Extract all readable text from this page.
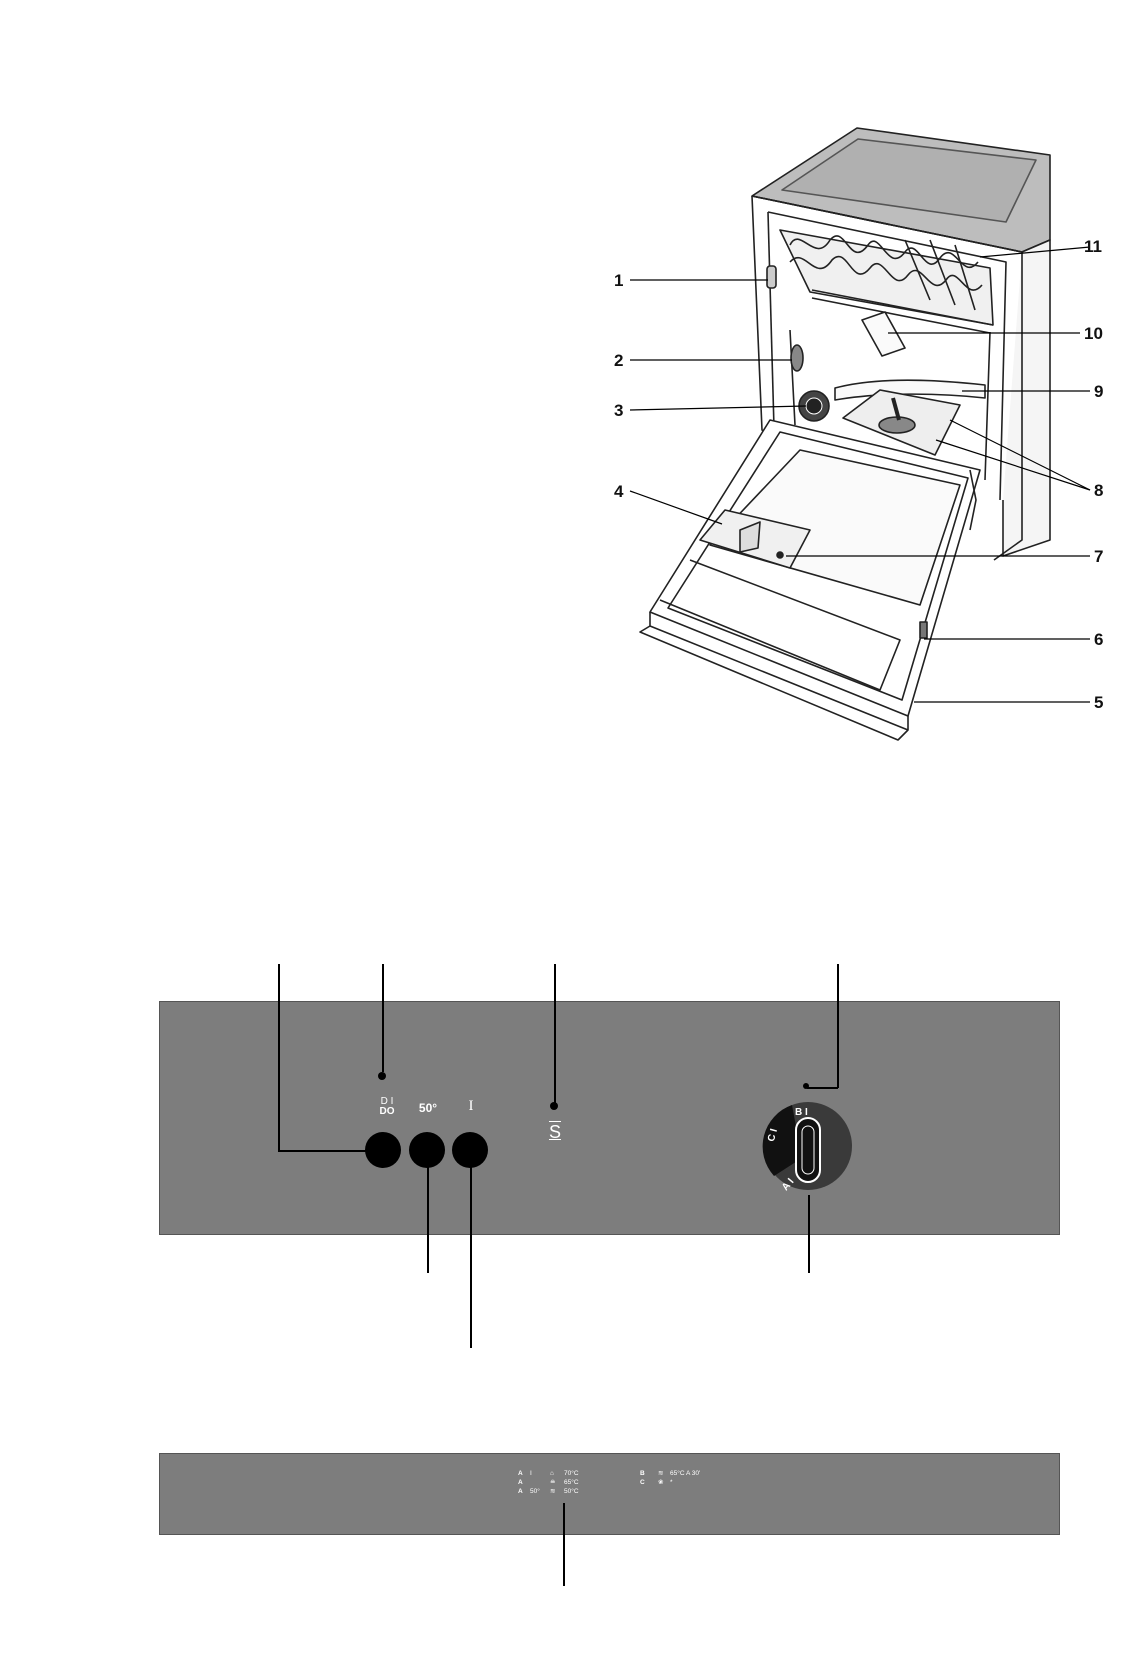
1
2
3
4
5
6
7
8
9
10
11
D I
DO	50°	I
S
B I
C I
A I
A I	⌂ 70°C
A	≘ 65°C
A 50° ≋ 50°C
B ≋ 65°C A 30'
C ❀ *
